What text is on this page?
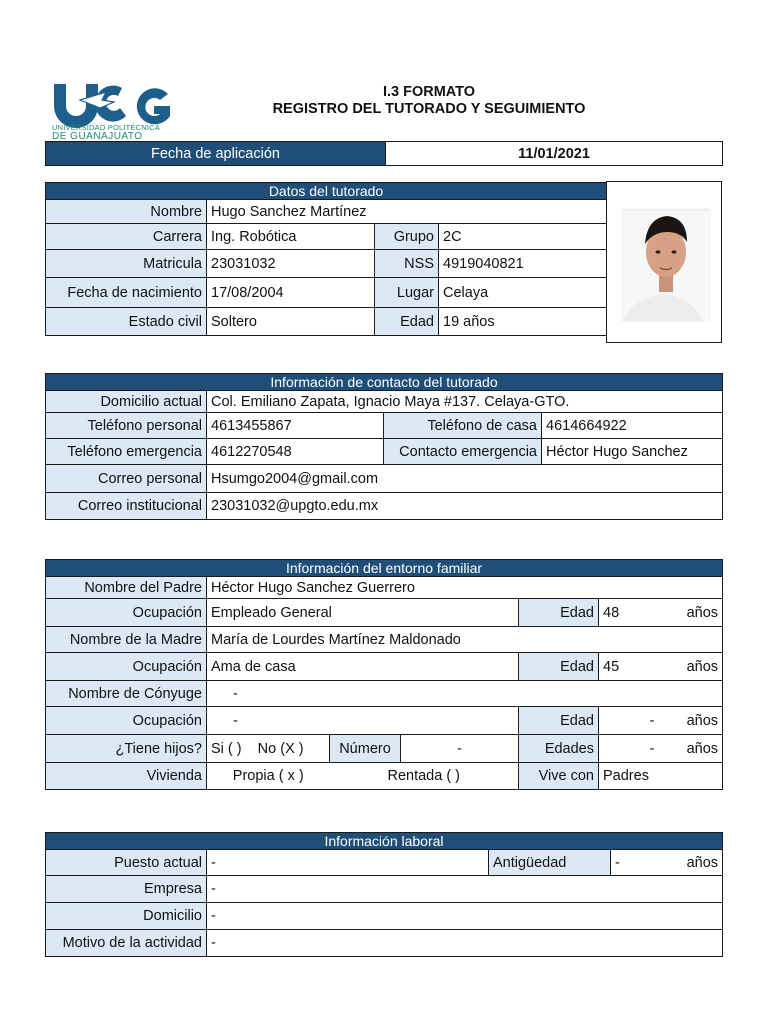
UNIVERSIDAD POLITÉCNICA
DE GUANAJUATO
I.3 FORMATO
REGISTRO DEL TUTORADO Y SEGUIMIENTO
Fecha de aplicación	11/01/2021
Datos del tutorado			
Nombre	Hugo Sanchez Martínez		
Carrera	Ing. Robótica	Grupo	2C
Matricula	23031032	NSS	4919040821
Fecha de nacimiento	17/08/2004	Lugar	Celaya
Estado civil	Soltero	Edad	19 años
Información de contacto del tutorado			
Domicilio actual	Col. Emiliano Zapata, Ignacio Maya #137. Celaya-GTO.		
Teléfono personal	4613455867	Teléfono de casa	4614664922
Teléfono emergencia	4612270548	Contacto emergencia	Héctor Hugo Sanchez
Correo personal	Hsumgo2004@gmail.com		
Correo institucional	23031032@upgto.edu.mx		
Información del entorno familiar						
Nombre del Padre	Héctor Hugo Sanchez Guerrero					
Ocupación	Empleado General			Edad	48	años
Nombre de la Madre	María de Lourdes Martínez Maldonado					
Ocupación	Ama de casa			Edad	45	años
Nombre de Cónyuge	-					
Ocupación	-			Edad	-	años
¿Tiene hijos?	Si ( ) No (X )	Número	-	Edades	-	años
Vivienda	Propia ( x )	Rentada ( )		Vive con	Padres	
Información laboral				
Puesto actual	-	Antigüedad	-	años
Empresa	-			
Domicilio	-			
Motivo de la actividad	-			
